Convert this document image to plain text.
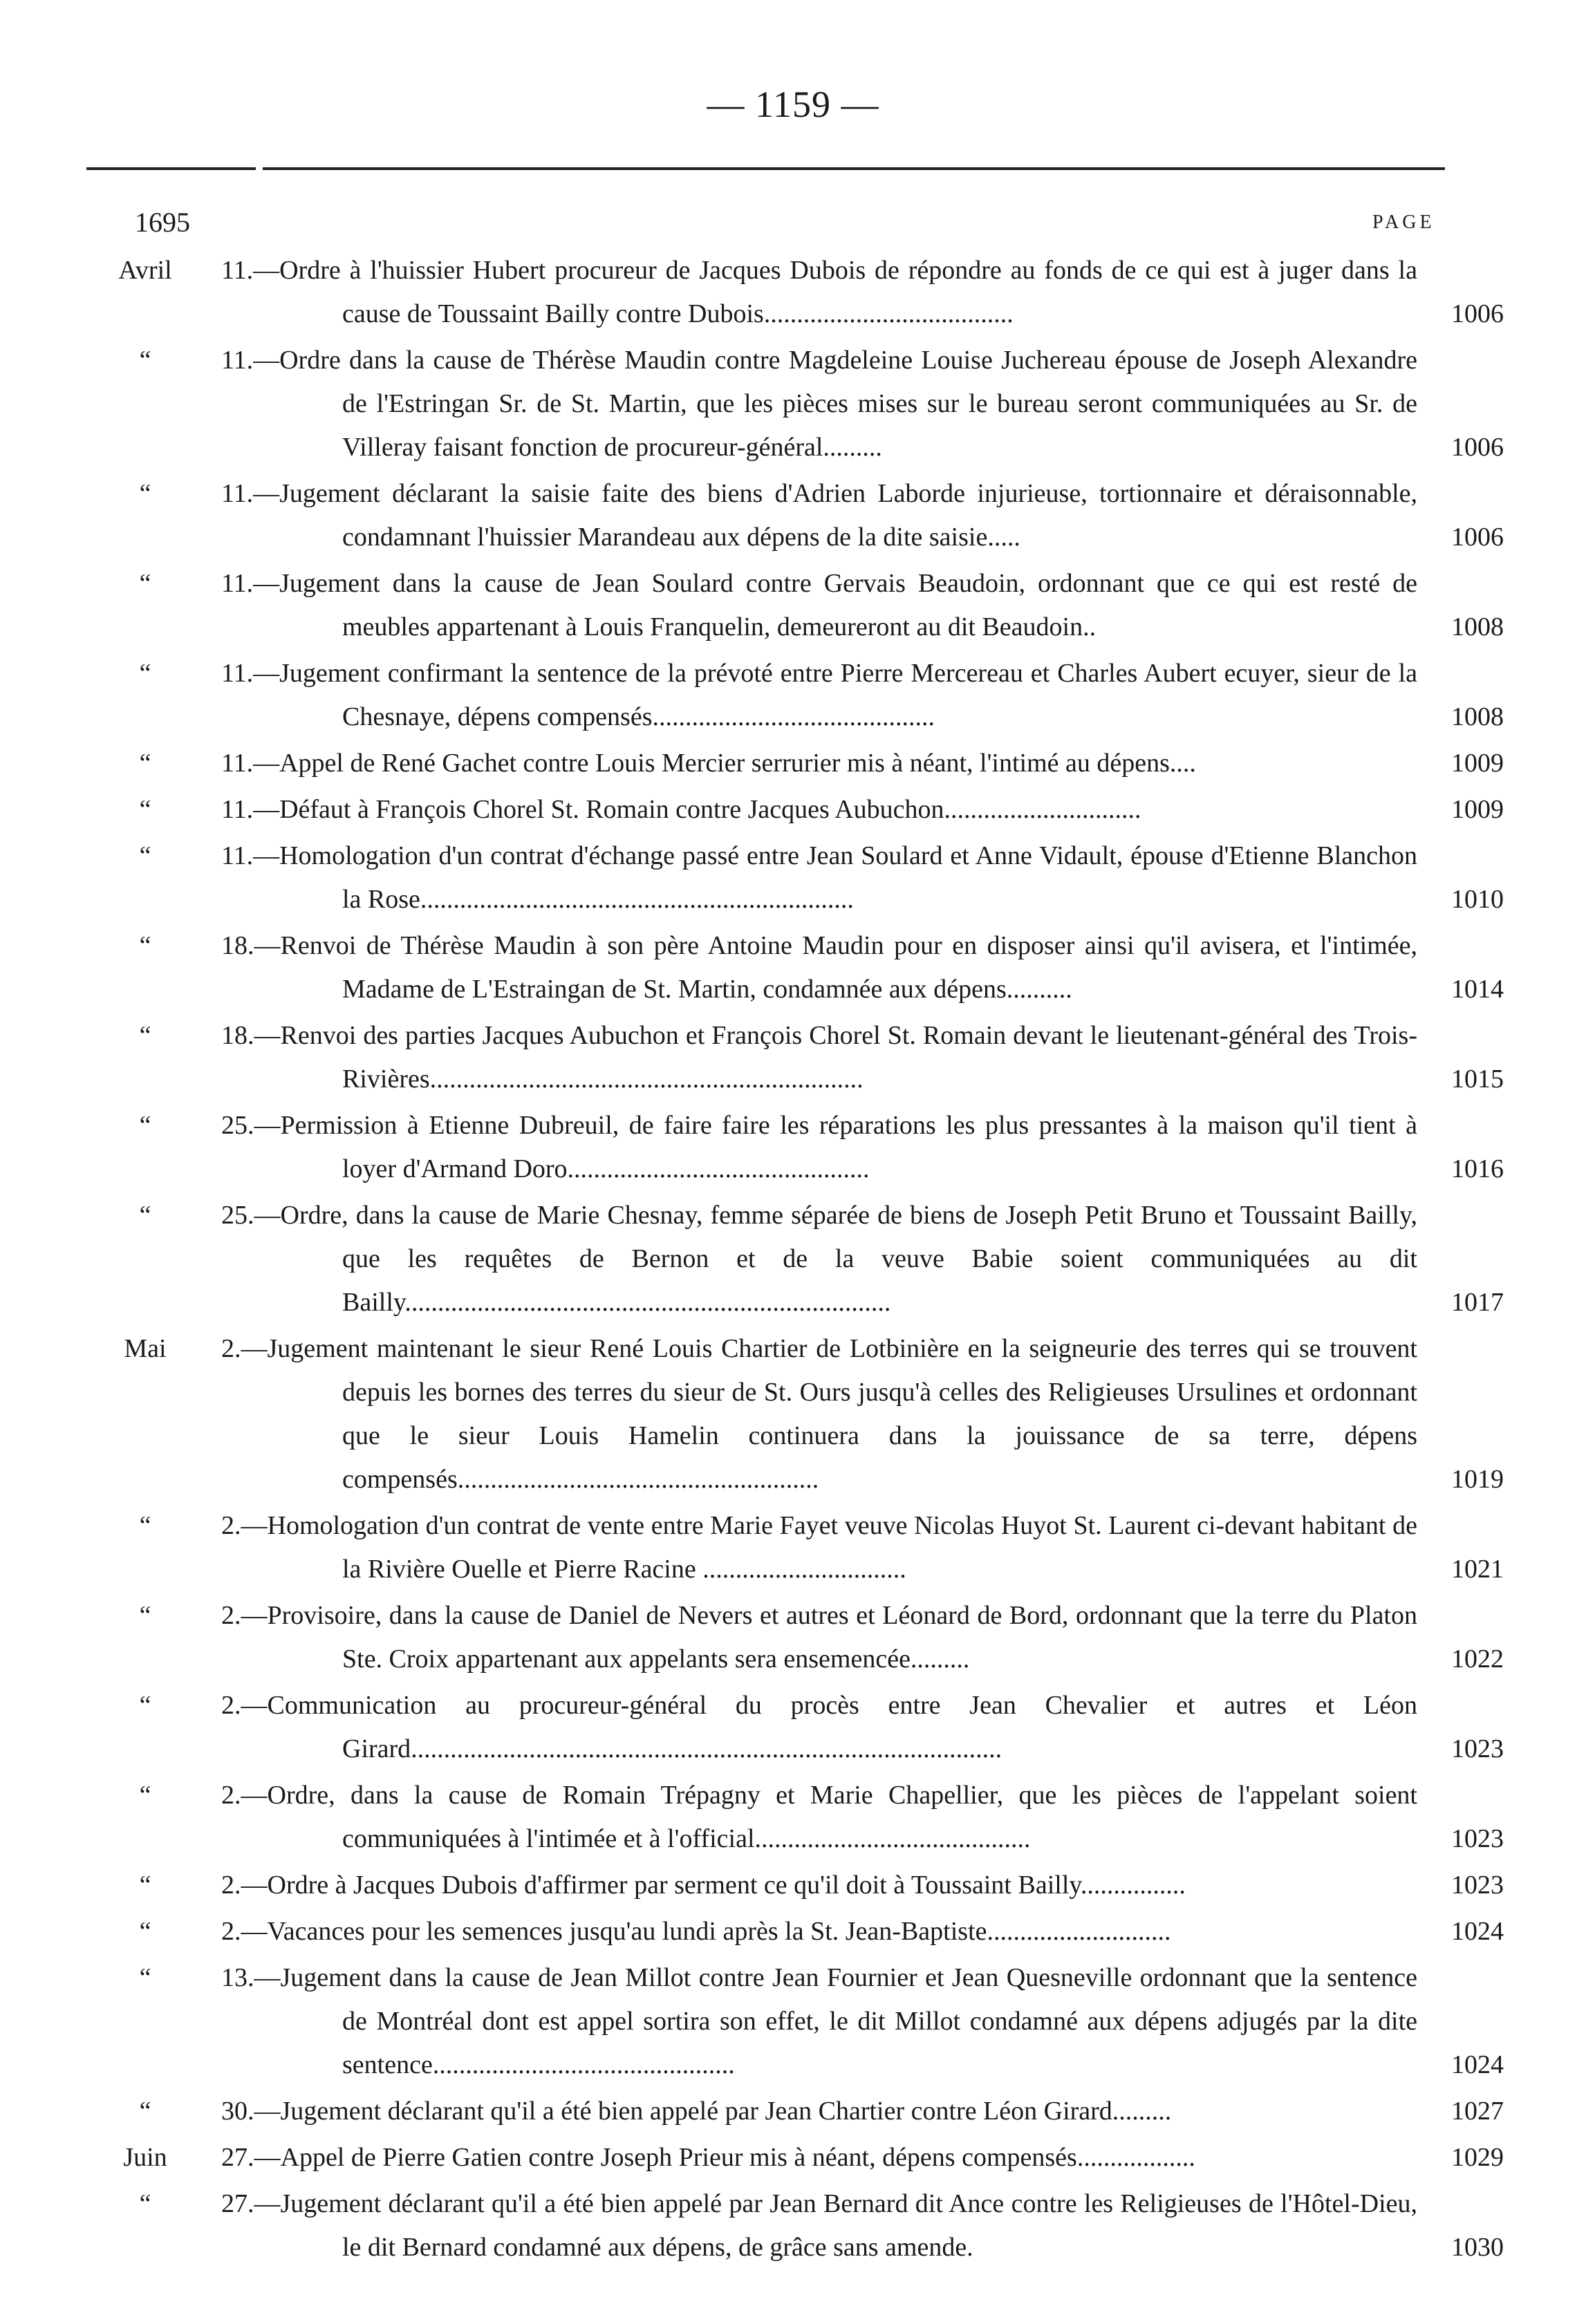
— 1159 —
1695	PAGE
Avril	11.—Ordre à l'huissier Hubert procureur de Jacques Dubois de répondre au fonds de ce qui est à juger dans la cause de Toussaint Bailly contre Dubois......................................	1006
“	11.—Ordre dans la cause de Thérèse Maudin contre Magdeleine Louise Juchereau épouse de Joseph Alexandre de l'Estringan Sr. de St. Martin, que les pièces mises sur le bureau seront communiquées au Sr. de Villeray faisant fonction de procureur-général.........	1006
“	11.—Jugement déclarant la saisie faite des biens d'Adrien Laborde injurieuse, tortionnaire et déraisonnable, condamnant l'huissier Marandeau aux dépens de la dite saisie.....	1006
“	11.—Jugement dans la cause de Jean Soulard contre Gervais Beaudoin, ordonnant que ce qui est resté de meubles appartenant à Louis Franquelin, demeureront au dit Beaudoin..	1008
“	11.—Jugement confirmant la sentence de la prévoté entre Pierre Mercereau et Charles Aubert ecuyer, sieur de la Chesnaye, dépens compensés...........................................	1008
“	11.—Appel de René Gachet contre Louis Mercier serrurier mis à néant, l'intimé au dépens....	1009
“	11.—Défaut à François Chorel St. Romain contre Jacques Aubuchon..............................	1009
“	11.—Homologation d'un contrat d'échange passé entre Jean Soulard et Anne Vidault, épouse d'Etienne Blanchon la Rose..................................................................	1010
“	18.—Renvoi de Thérèse Maudin à son père Antoine Maudin pour en disposer ainsi qu'il avisera, et l'intimée, Madame de L'Estraingan de St. Martin, condamnée aux dépens..........	1014
“	18.—Renvoi des parties Jacques Aubuchon et François Chorel St. Romain devant le lieutenant-général des Trois-Rivières..................................................................	1015
“	25.—Permission à Etienne Dubreuil, de faire faire les réparations les plus pressantes à la maison qu'il tient à loyer d'Armand Doro..............................................	1016
“	25.—Ordre, dans la cause de Marie Chesnay, femme séparée de biens de Joseph Petit Bruno et Toussaint Bailly, que les requêtes de Bernon et de la veuve Babie soient communiquées au dit Bailly..........................................................................	1017
Mai	2.—Jugement maintenant le sieur René Louis Chartier de Lotbinière en la seigneurie des terres qui se trouvent depuis les bornes des terres du sieur de St. Ours jusqu'à celles des Religieuses Ursulines et ordonnant que le sieur Louis Hamelin continuera dans la jouissance de sa terre, dépens compensés.......................................................	1019
“	2.—Homologation d'un contrat de vente entre Marie Fayet veuve Nicolas Huyot St. Laurent ci-devant habitant de la Rivière Ouelle et Pierre Racine ...............................	1021
“	2.—Provisoire, dans la cause de Daniel de Nevers et autres et Léonard de Bord, ordonnant que la terre du Platon Ste. Croix appartenant aux appelants sera ensemencée.........	1022
“	2.—Communication au procureur-général du procès entre Jean Chevalier et autres et Léon Girard..........................................................................................	1023
“	2.—Ordre, dans la cause de Romain Trépagny et Marie Chapellier, que les pièces de l'appelant soient communiquées à l'intimée et à l'official..........................................	1023
“	2.—Ordre à Jacques Dubois d'affirmer par serment ce qu'il doit à Toussaint Bailly................	1023
“	2.—Vacances pour les semences jusqu'au lundi après la St. Jean-Baptiste............................	1024
“	13.—Jugement dans la cause de Jean Millot contre Jean Fournier et Jean Quesneville ordonnant que la sentence de Montréal dont est appel sortira son effet, le dit Millot condamné aux dépens adjugés par la dite sentence..............................................	1024
“	30.—Jugement déclarant qu'il a été bien appelé par Jean Chartier contre Léon Girard.........	1027
Juin	27.—Appel de Pierre Gatien contre Joseph Prieur mis à néant, dépens compensés..................	1029
“	27.—Jugement déclarant qu'il a été bien appelé par Jean Bernard dit Ance contre les Religieuses de l'Hôtel-Dieu, le dit Bernard condamné aux dépens, de grâce sans amende.	1030
